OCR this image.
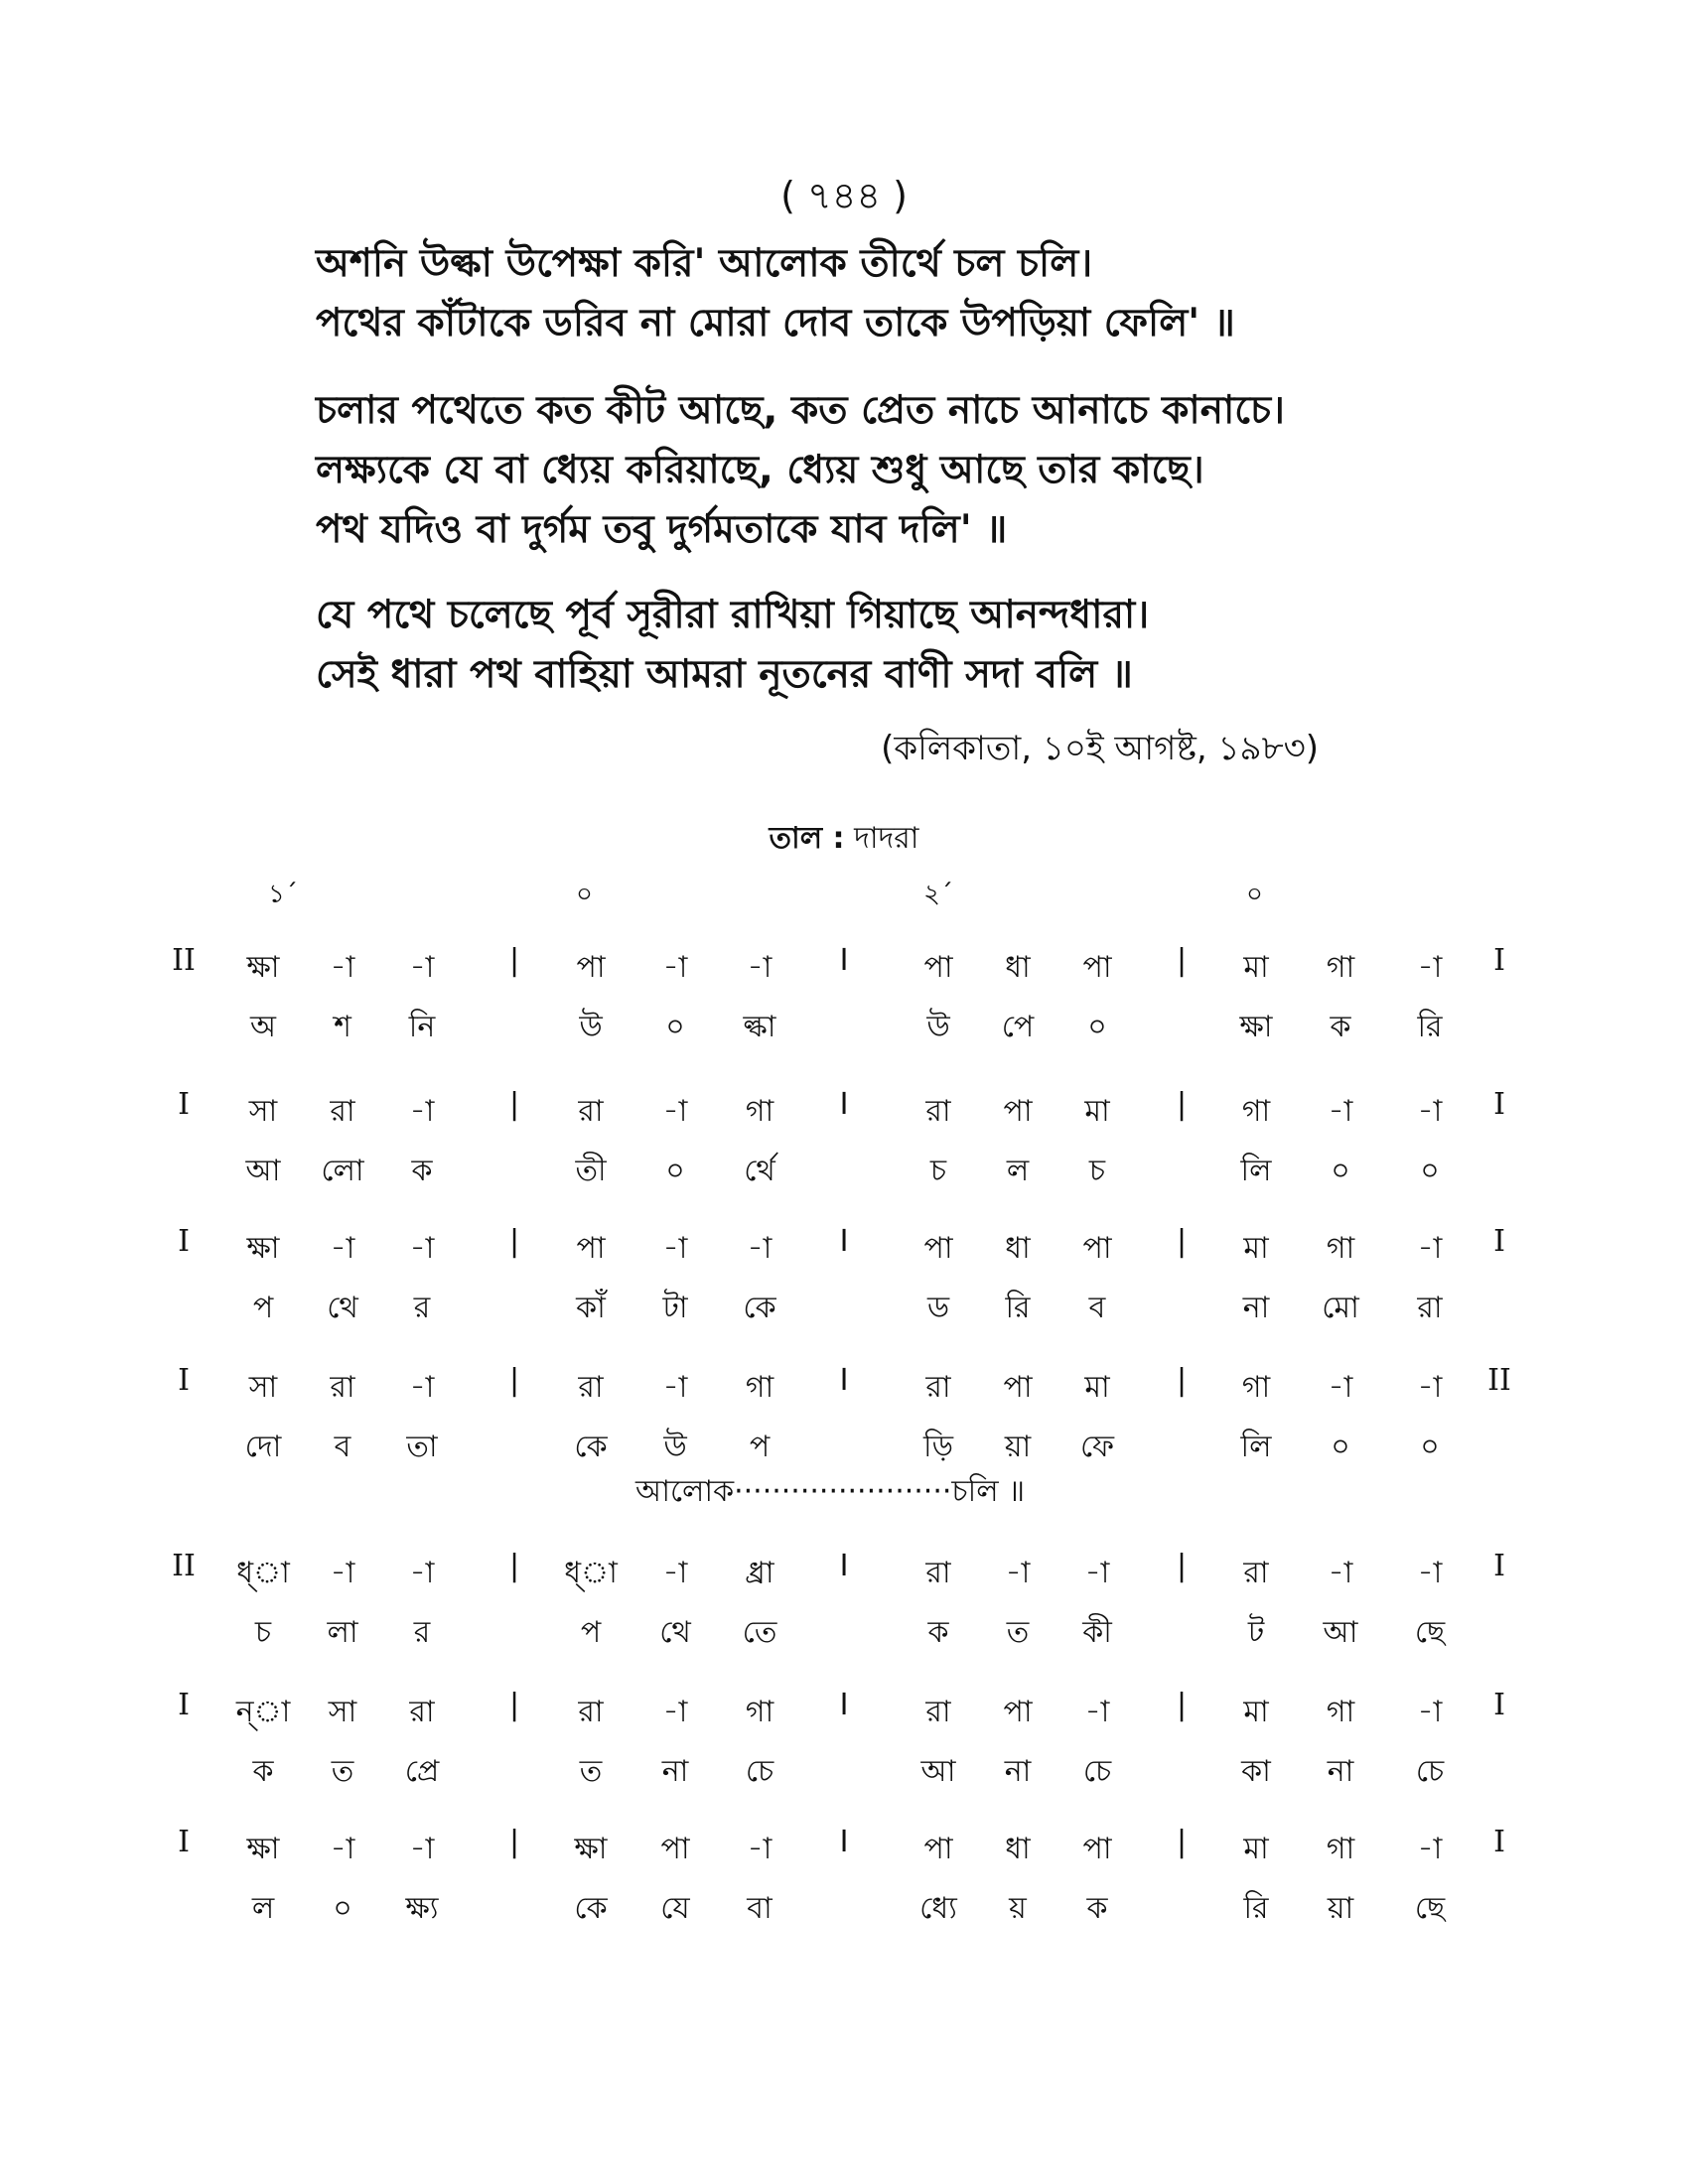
( ৭৪৪ )
অশনি উল্কা উপেক্ষা করি' আলোক তীর্থে চল চলি।
পথের কাঁটাকে ডরিব না মোরা দোব তাকে উপড়িয়া ফেলি' ॥
চলার পথেতে কত কীট আছে, কত প্রেত নাচে আনাচে কানাচে।
লক্ষ্যকে যে বা ধ্যেয় করিয়াছে, ধ্যেয় শুধু আছে তার কাছে।
পথ যদিও বা দুর্গম তবু দুর্গমতাকে যাব দলি' ॥
যে পথে চলেছে পূর্ব সূরীরা রাখিয়া গিয়াছে আনন্দধারা।
সেই ধারা পথ বাহিয়া আমরা নূতনের বাণী সদা বলি ॥
(কলিকাতা, ১০ই আগষ্ট, ১৯৮৩)
তাল : দাদরা
১´	০	২´	০
II	ক্ষা	-া	-া	পা	-া	-া	পা	ধা	পা	মা	গা	-া
|	I	|	I
অ	শ	নি	উ	০	ল্কা	উ	পে	০	ক্ষা	ক	রি
I	সা	রা	-া	রা	-া	গা	রা	পা	মা	গা	-া	-া
|	I	|	I
আ	লো	ক	তী	০	র্থে	চ	ল	চ	লি	০	০
I	ক্ষা	-া	-া	পা	-া	-া	পা	ধা	পা	মা	গা	-া
|	I	|	I
প	থে	র	কাঁ	টা	কে	ড	রি	ব	না	মো	রা
I	সা	রা	-া	রা	-া	গা	রা	পা	মা	গা	-া	-া
|	I	|	II
দো	ব	তা	কে	উ	প	ড়ি	য়া	ফে	লি	০	০
II	ধ্া	-া	-া	ধ্া	-া	ধ্রা	রা	-া	-া	রা	-া	-া
|	I	|	I
চ	লা	র	প	থে	তে	ক	ত	কী	ট	আ	ছে
I	ন্া	সা	রা	রা	-া	গা	রা	পা	-া	মা	গা	-া
|	I	|	I
ক	ত	প্রে	ত	না	চে	আ	না	চে	কা	না	চে
I	ক্ষা	-া	-া	ক্ষা	পা	-া	পা	ধা	পা	মা	গা	-া
|	I	|	I
ল	০	ক্ষ্য	কে	যে	বা	ধ্যে	য়	ক	রি	য়া	ছে
আলোক·······················চলি ॥
